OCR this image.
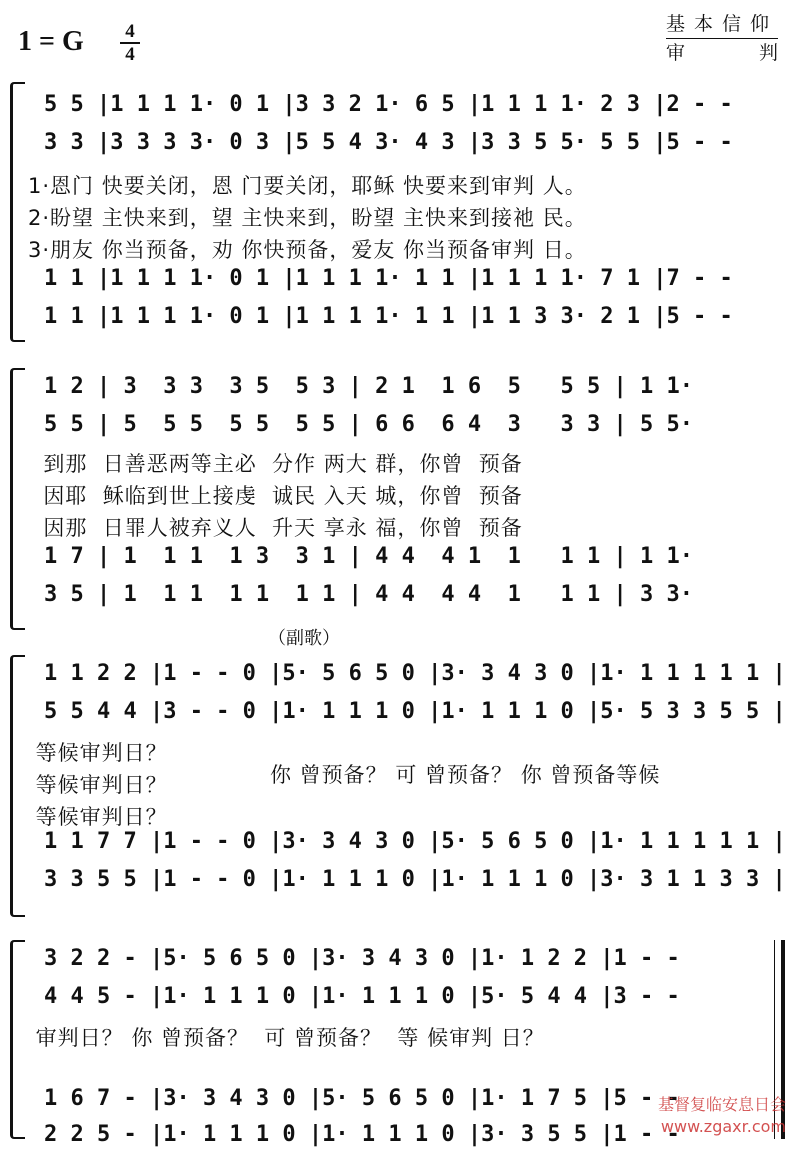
1 = G 4
4
基本信仰
审	判
5 5 |1 1 1 1· 0 1 |3 3 2 1· 6 5 |1 1 1 1· 2 3 |2 - -
3 3 |3 3 3 3· 0 3 |5 5 4 3· 4 3 |3 3 5 5· 5 5 |5 - -
1 1 |1 1 1 1· 0 1 |1 1 1 1· 1 1 |1 1 1 1· 7 1 |7 - -
1 1 |1 1 1 1· 0 1 |1 1 1 1· 1 1 |1 1 3 3· 2 1 |5 - -
1·恩门 快要关闭，恩 门要关闭，耶稣 快要来到审判 人。
2·盼望 主快来到，望 主快来到，盼望 主快来到接祂 民。
3·朋友 你当预备，劝 你快预备，爱友 你当预备审判 日。
1 2 | 3  3 3  3 5  5 3 | 2 1  1 6  5   5 5 | 1 1·
5 5 | 5  5 5  5 5  5 5 | 6 6  6 4  3   3 3 | 5 5·
1 7 | 1  1 1  1 3  3 1 | 4 4  4 1  1   1 1 | 1 1·
3 5 | 1  1 1  1 1  1 1 | 4 4  4 4  1   1 1 | 3 3·
到那  日善恶两等主必  分作 两大 群，你曾  预备
因耶  稣临到世上接虔  诚民 入天 城，你曾  预备
因那  日罪人被弃义人  升天 享永 福，你曾  预备
1 1 2 2 |1 - - 0 |5· 5 6 5 0 |3· 3 4 3 0 |1· 1 1 1 1 1 |
5 5 4 4 |3 - - 0 |1· 1 1 1 0 |1· 1 1 1 0 |5· 5 3 3 5 5 |
1 1 7 7 |1 - - 0 |3· 3 4 3 0 |5· 5 6 5 0 |1· 1 1 1 1 1 |
3 3 5 5 |1 - - 0 |1· 1 1 1 0 |1· 1 1 1 0 |3· 3 1 1 3 3 |
等候审判日？
等候审判日？
等候审判日？
你 曾预备？ 可 曾预备？ 你 曾预备等候
3 2 2 - |5· 5 6 5 0 |3· 3 4 3 0 |1· 1 2 2 |1 - -
4 4 5 - |1· 1 1 1 0 |1· 1 1 1 0 |5· 5 4 4 |3 - -
1 6 7 - |3· 3 4 3 0 |5· 5 6 5 0 |1· 1 7 5 |5 - -
2 2 5 - |1· 1 1 1 0 |1· 1 1 1 0 |3· 3 5 5 |1 - -
审判日？ 你 曾预备？  可 曾预备？  等 候审判 日？
（副歌）
基督复临安息日会
www.zgaxr.com
